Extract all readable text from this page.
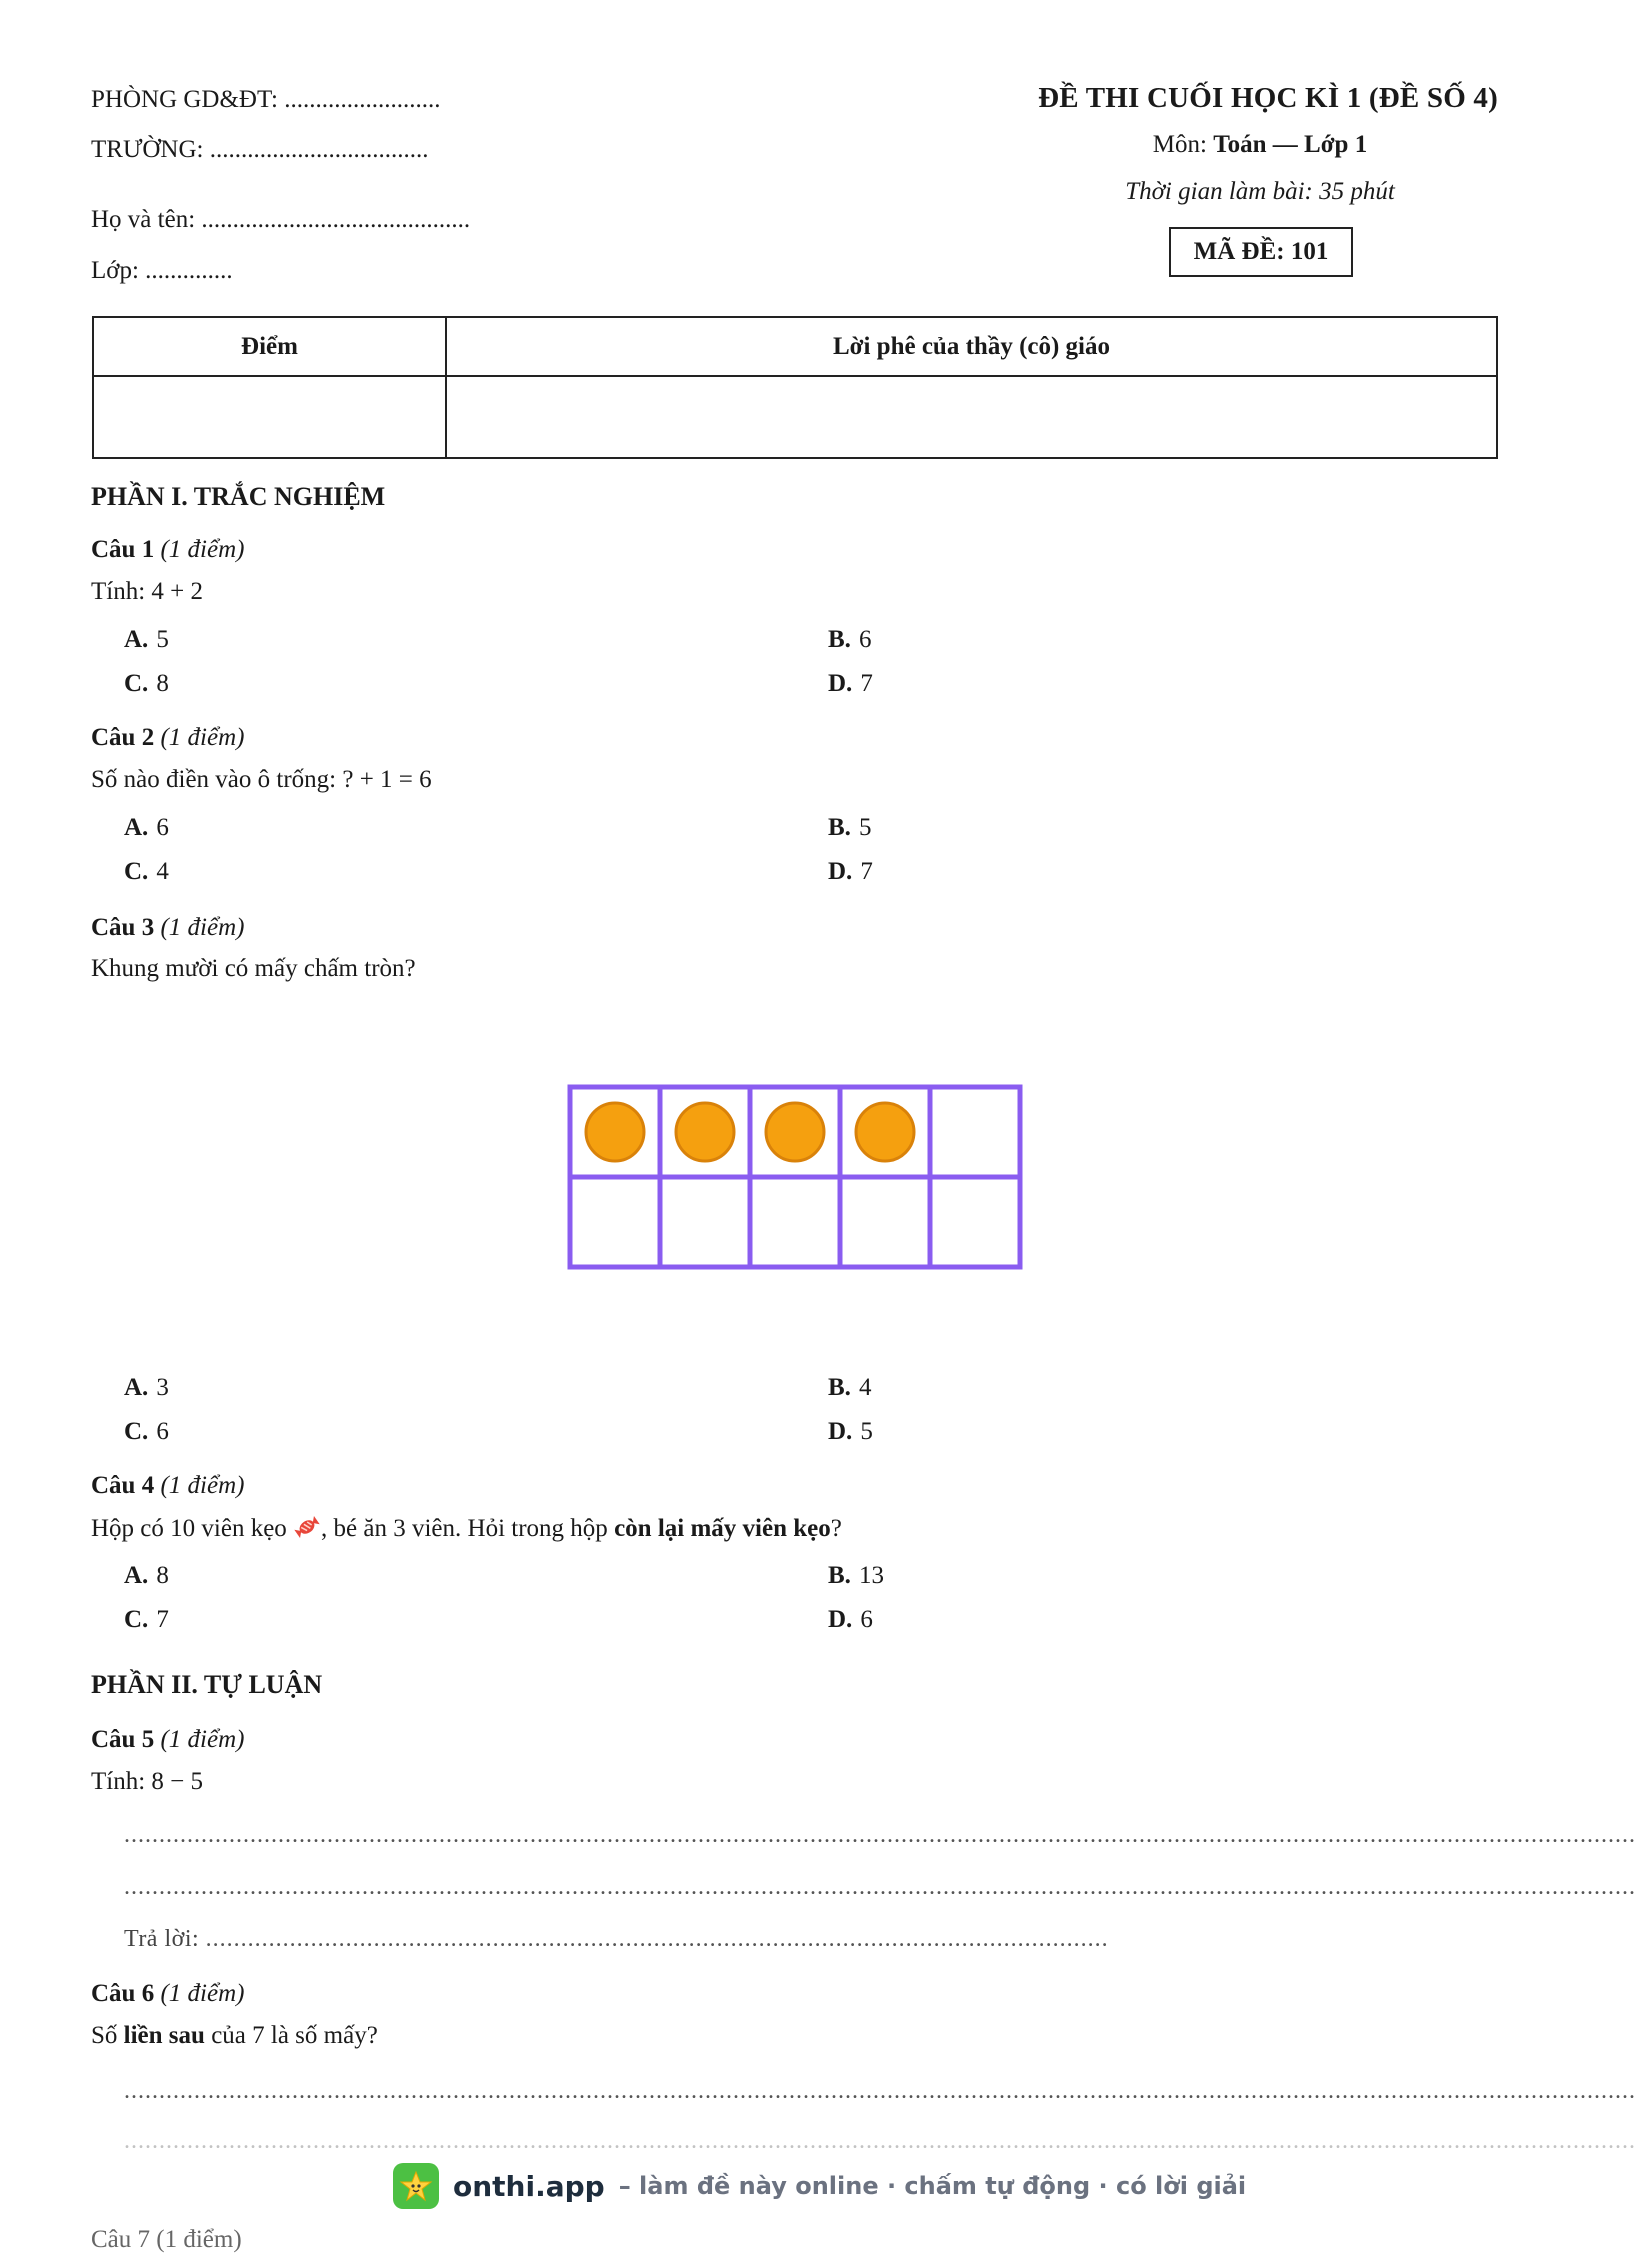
PHÒNG GD&ĐT: .........................
TRƯỜNG: ...................................
Họ và tên: ...........................................
Lớp: ..............
ĐỀ THI CUỐI HỌC KÌ 1 (ĐỀ SỐ 4)
Môn: Toán — Lớp 1
Thời gian làm bài: 35 phút
MÃ ĐỀ: 101
Điểm	Lời phê của thầy (cô) giáo

PHẦN I. TRẮC NGHIỆM
Câu 1 (1 điểm)
Tính: 4 + 2
A. 5	B. 6
C. 8	D. 7
Câu 2 (1 điểm)
Số nào điền vào ô trống: ? + 1 = 6
A. 6	B. 5
C. 4	D. 7
Câu 3 (1 điểm)
Khung mười có mấy chấm tròn?
A. 3	B. 4
C. 6	D. 5
Câu 4 (1 điểm)
Hộp có 10 viên kẹo , bé ăn 3 viên. Hỏi trong hộp còn lại mấy viên kẹo?
A. 8	B. 13
C. 7	D. 6
PHẦN II. TỰ LUẬN
Câu 5 (1 điểm)
Tính: 8 − 5
........................................................................................................................................................................................................................
........................................................................................................................................................................................................................
Trả lời: .................................................................................................................................
Câu 6 (1 điểm)
Số liền sau của 7 là số mấy?
........................................................................................................................................................................................................................
........................................................................................................................................................................................................................
onthi.app – làm đề này online · chấm tự động · có lời giải
Câu 7 (1 điểm)
